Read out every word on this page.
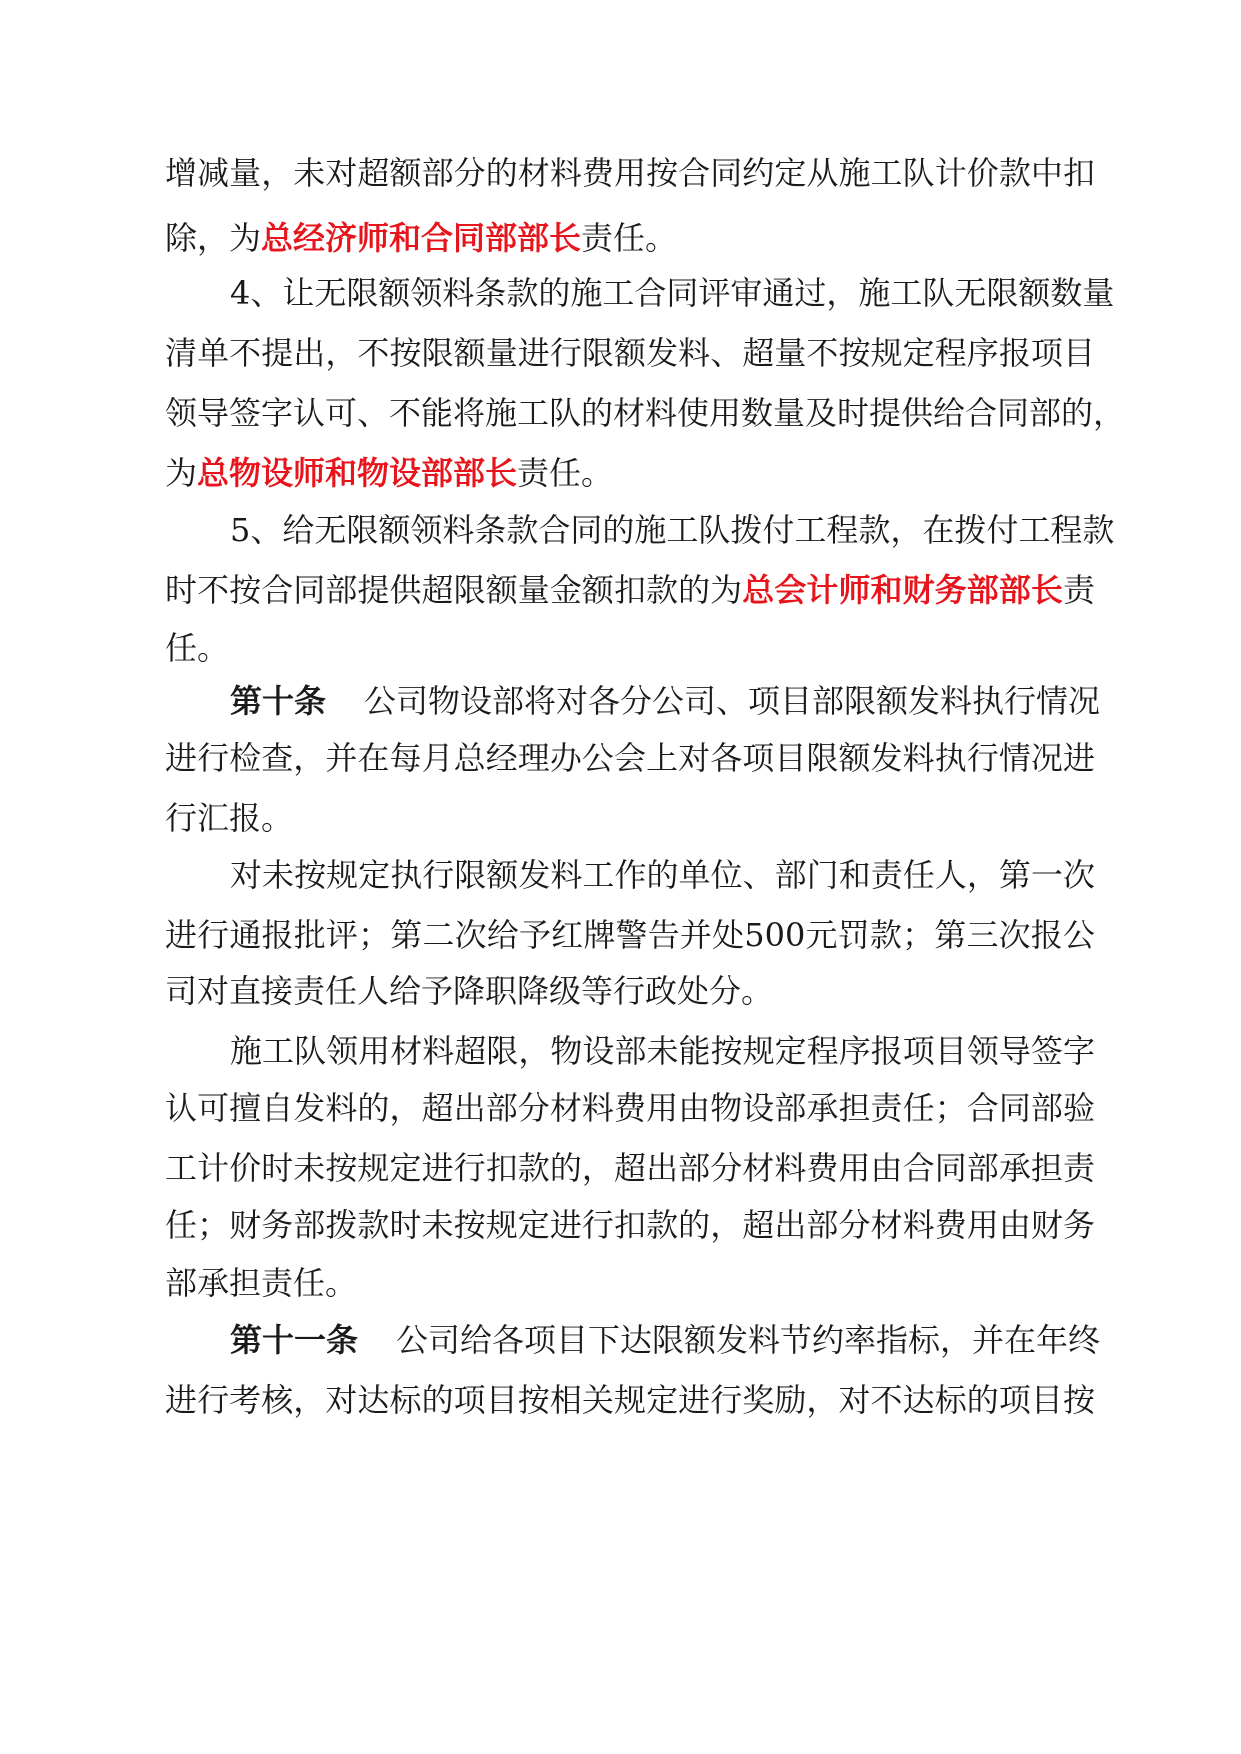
增减量，未对超额部分的材料费用按合同约定从施工队计价款中扣
除，为总经济师和合同部部长责任。
4、让无限额领料条款的施工合同评审通过，施工队无限额数量
清单不提出，不按限额量进行限额发料、超量不按规定程序报项目
领导签字认可、不能将施工队的材料使用数量及时提供给合同部的，
为总物设师和物设部部长责任。
5、给无限额领料条款合同的施工队拨付工程款，在拨付工程款
时不按合同部提供超限额量金额扣款的为总会计师和财务部部长责
任。
第十条 公司物设部将对各分公司、项目部限额发料执行情况
进行检查，并在每月总经理办公会上对各项目限额发料执行情况进
行汇报。
对未按规定执行限额发料工作的单位、部门和责任人，第一次
进行通报批评；第二次给予红牌警告并处500元罚款；第三次报公
司对直接责任人给予降职降级等行政处分。
施工队领用材料超限，物设部未能按规定程序报项目领导签字
认可擅自发料的，超出部分材料费用由物设部承担责任；合同部验
工计价时未按规定进行扣款的，超出部分材料费用由合同部承担责
任；财务部拨款时未按规定进行扣款的，超出部分材料费用由财务
部承担责任。
第十一条 公司给各项目下达限额发料节约率指标，并在年终
进行考核，对达标的项目按相关规定进行奖励，对不达标的项目按
